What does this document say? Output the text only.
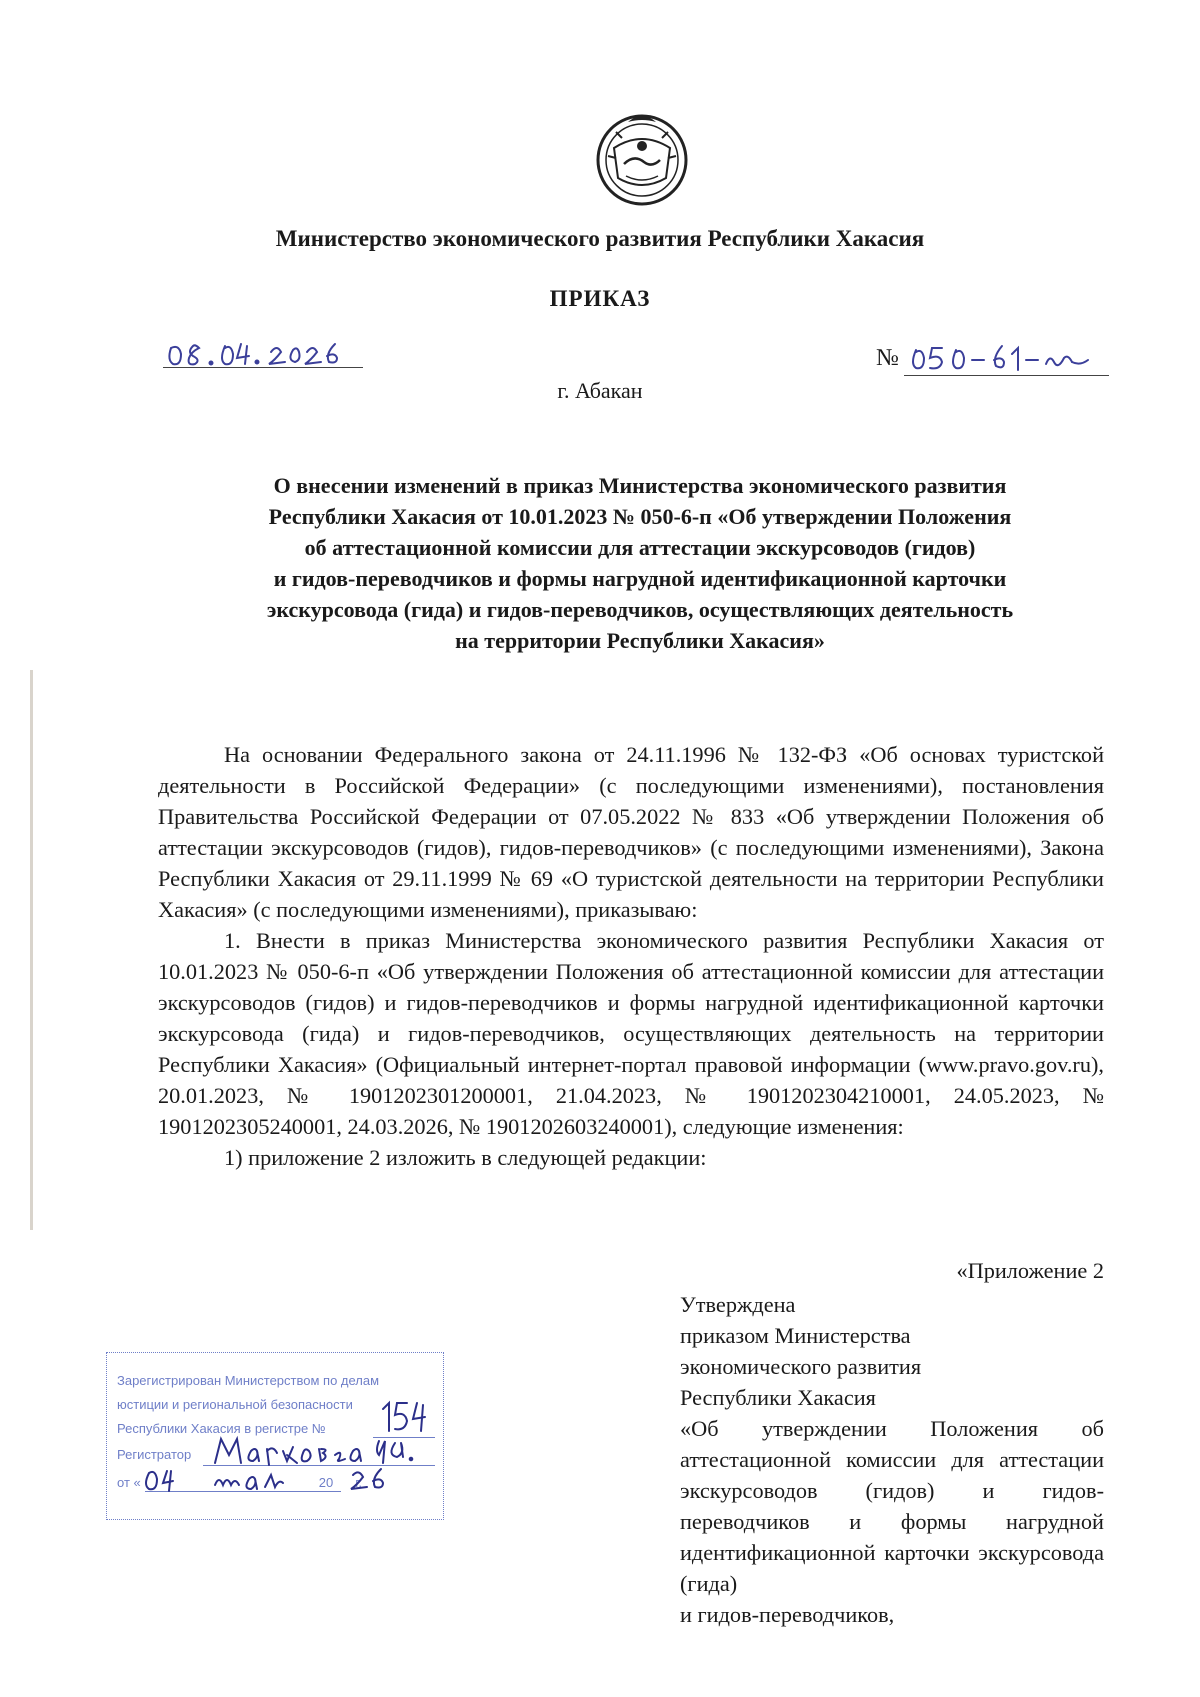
Министерство экономического развития Республики Хакасия
ПРИКАЗ
№
г. Абакан
О внесении изменений в приказ Министерства экономического развития
Республики Хакасия от 10.01.2023 № 050-6-п «Об утверждении Положения
об аттестационной комиссии для аттестации экскурсоводов (гидов)
и гидов-переводчиков и формы нагрудной идентификационной карточки
экскурсовода (гида) и гидов-переводчиков, осуществляющих деятельность
на территории Республики Хакасия»

На основании Федерального закона от 24.11.1996 № 132-ФЗ «Об основах туристской деятельности в Российской Федерации» (с последующими изменениями), постановления Правительства Российской Федерации от 07.05.2022 № 833 «Об утверждении Положения об аттестации экскурсоводов (гидов), гидов-переводчиков» (с последующими изменениями), Закона Республики Хакасия от 29.11.1999 № 69 «О туристской деятельности на территории Республики Хакасия» (с последующими изменениями), приказываю:

1. Внести в приказ Министерства экономического развития Республики Хакасия от 10.01.2023 № 050-6-п «Об утверждении Положения об аттестационной комиссии для аттестации экскурсоводов (гидов) и гидов-переводчиков и формы нагрудной идентификационной карточки экскурсовода (гида) и гидов-переводчиков, осуществляющих деятельность на территории Республики Хакасия» (Официальный интернет-портал правовой информации (www.pravo.gov.ru), 20.01.2023, № 1901202301200001, 21.04.2023, № 1901202304210001, 24.05.2023, № 1901202305240001, 24.03.2026, № 1901202603240001), следующие изменения:

1) приложение 2 изложить в следующей редакции:

«Приложение 2
Утверждена
приказом Министерства
экономического развития
Республики Хакасия
«Об утверждении Положения об аттестационной комиссии для аттестации экскурсоводов (гидов) и гидов-переводчиков и формы нагрудной идентификационной карточки экскурсовода (гида)
и гидов-переводчиков,
Зарегистрирован Министерством по делам
юстиции и региональной безопасности
Республики Хакасия в регистре №
Регистратор
от «	20 г.
